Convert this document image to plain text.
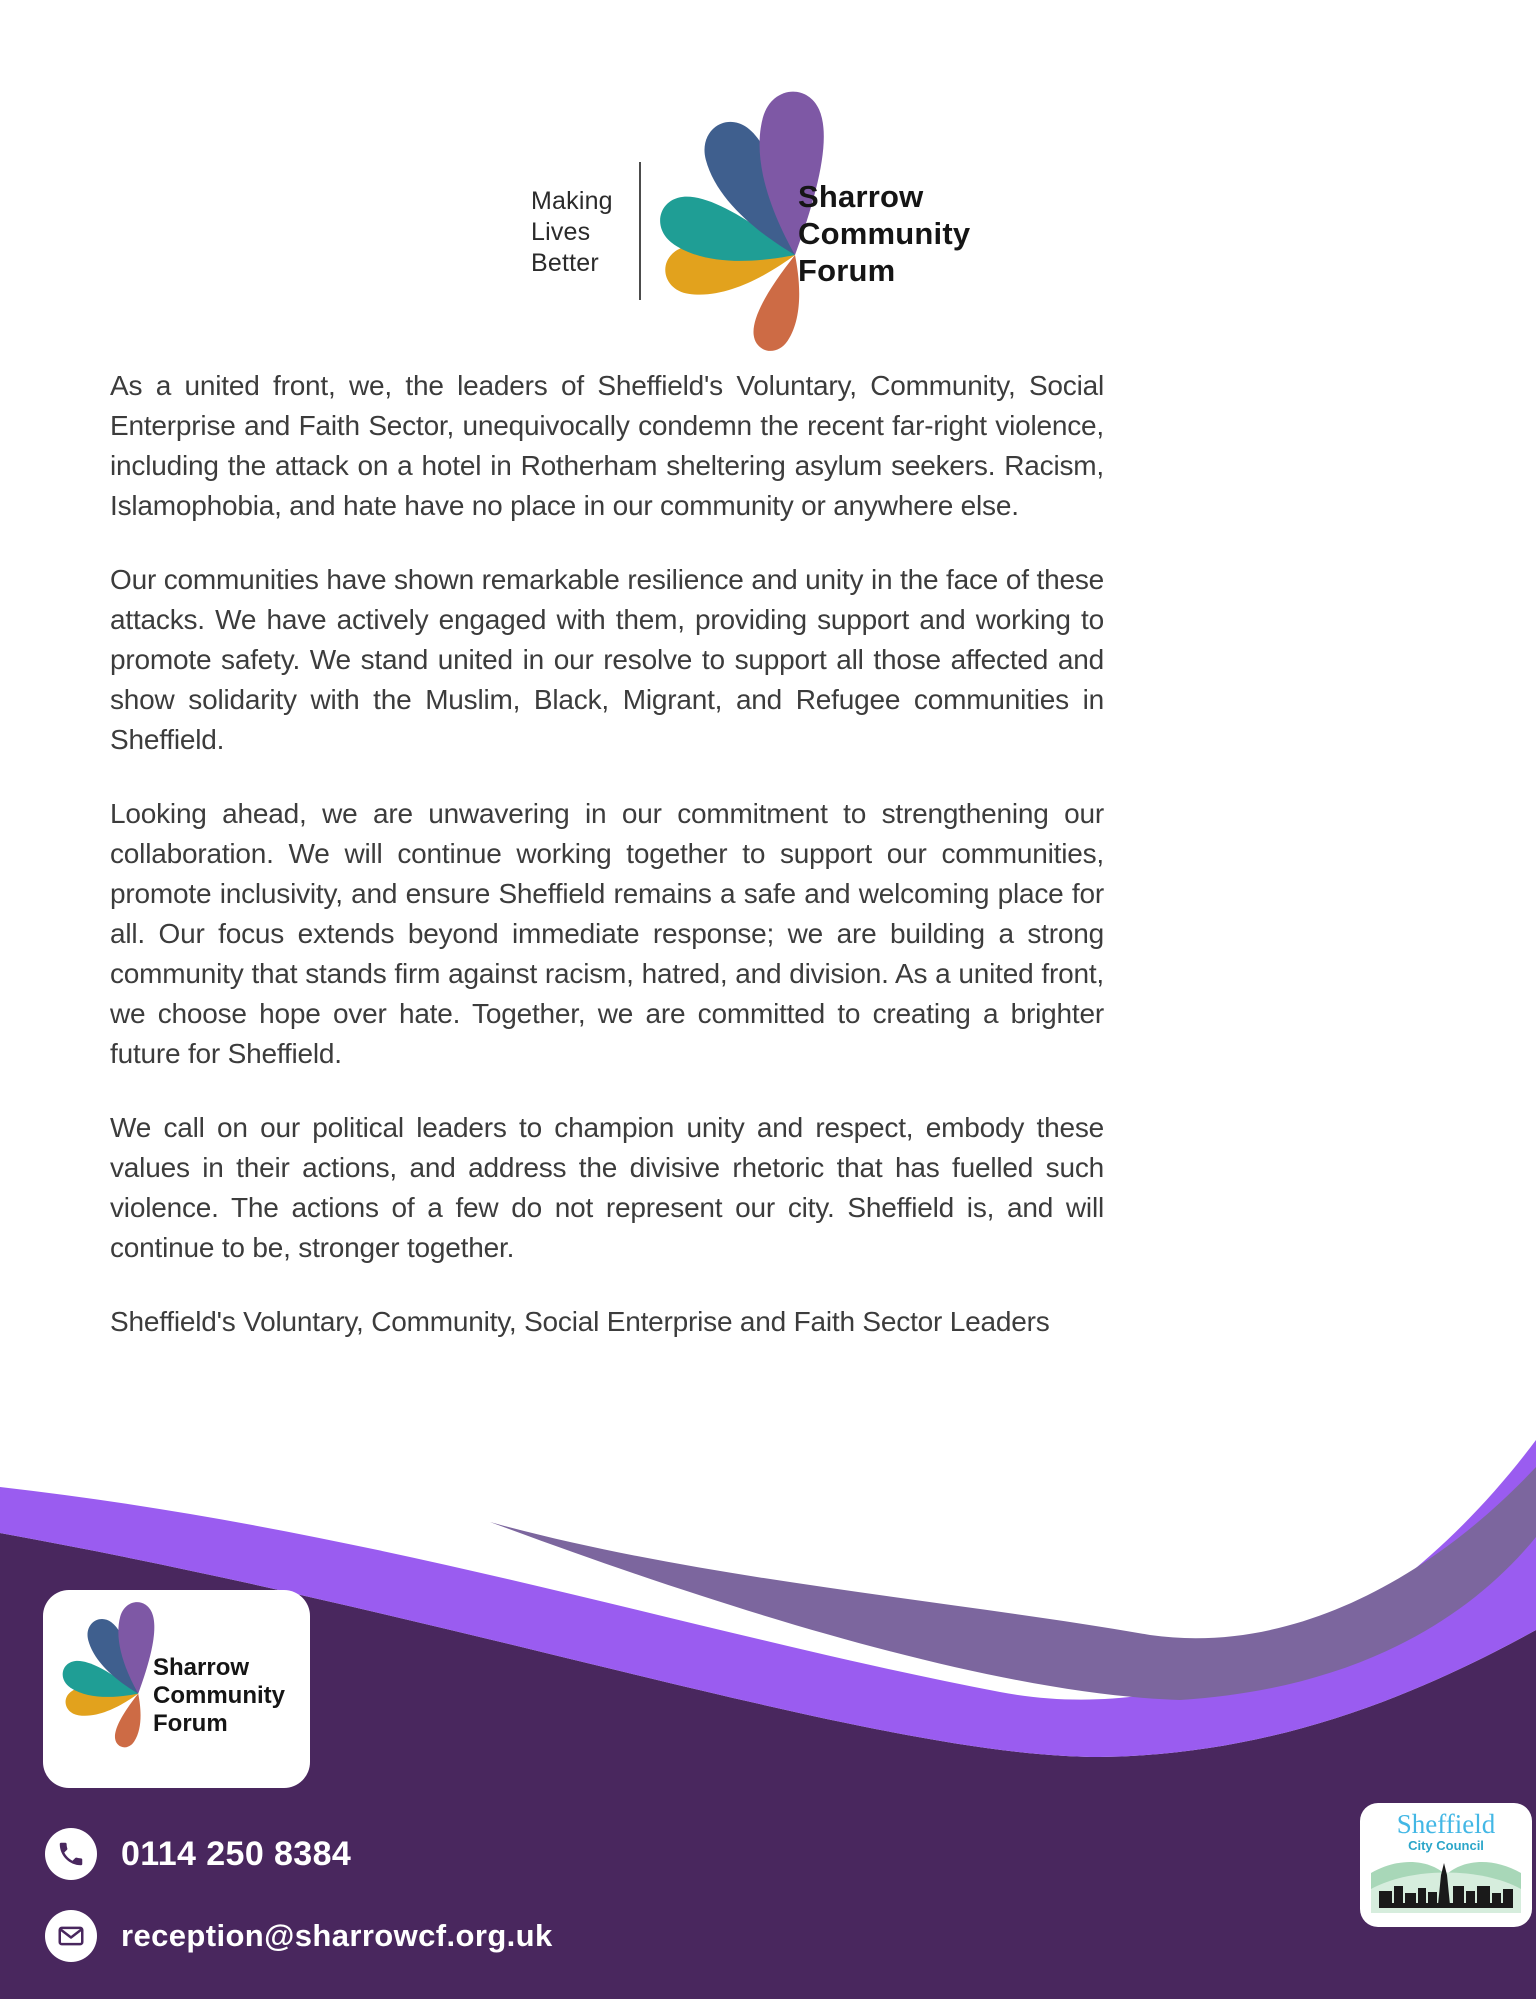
Making
Lives
Better
Sharrow
Community
Forum

As a united front, we, the leaders of Sheffield's Voluntary, Community, Social Enterprise and Faith Sector, unequivocally condemn the recent far-right violence, including the attack on a hotel in Rotherham sheltering asylum seekers. Racism, Islamophobia, and hate have no place in our community or anywhere else.

Our communities have shown remarkable resilience and unity in the face of these attacks. We have actively engaged with them, providing support and working to promote safety. We stand united in our resolve to support all those affected and show solidarity with the Muslim, Black, Migrant, and Refugee communities in Sheffield.

Looking ahead, we are unwavering in our commitment to strengthening our collaboration. We will continue working together to support our communities, promote inclusivity, and ensure Sheffield remains a safe and welcoming place for all. Our focus extends beyond immediate response; we are building a strong community that stands firm against racism, hatred, and division. As a united front, we choose hope over hate. Together, we are committed to creating a brighter future for Sheffield.

We call on our political leaders to champion unity and respect, embody these values in their actions, and address the divisive rhetoric that has fuelled such violence. The actions of a few do not represent our city. Sheffield is, and will continue to be, stronger together.

Sheffield's Voluntary, Community, Social Enterprise and Faith Sector Leaders

Sharrow
Community
Forum
0114 250 8384
reception@sharrowcf.org.uk
Sheffield
City Council
